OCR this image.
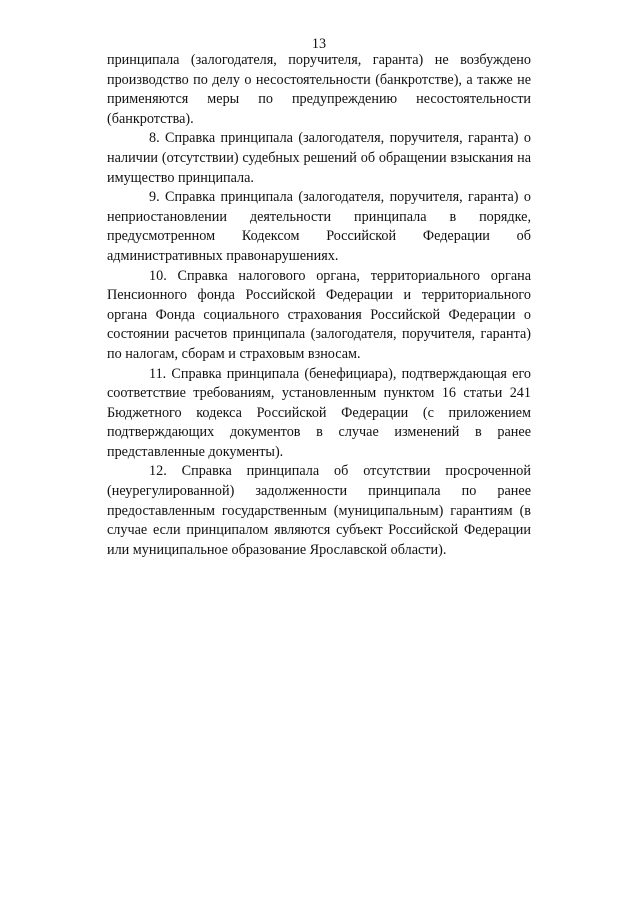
13

принципала (залогодателя, поручителя, гаранта) не возбуждено производство по делу о несостоятельности (банкротстве), а также не применяются меры по предупреждению несостоятельности (банкротства).

8. Справка принципала (залогодателя, поручителя, гаранта) о наличии (отсутствии) судебных решений об обращении взыскания на имущество принципала.

9. Справка принципала (залогодателя, поручителя, гаранта) о неприостановлении деятельности принципала в порядке, предусмотренном Кодексом Российской Федерации об административных правонарушениях.

10. Справка налогового органа, территориального органа Пенсионного фонда Российской Федерации и территориального органа Фонда социального страхования Российской Федерации о состоянии расчетов принципала (залогодателя, поручителя, гаранта) по налогам, сборам и страховым взносам.

11. Справка принципала (бенефициара), подтверждающая его соответствие требованиям, установленным пунктом 16 статьи 241 Бюджетного кодекса Российской Федерации (с приложением подтверждающих документов в случае изменений в ранее представленные документы).

12. Справка принципала об отсутствии просроченной (неурегулированной) задолженности принципала по ранее предоставленным государственным (муниципальным) гарантиям (в случае если принципалом являются субъект Российской Федерации или муниципальное образование Ярославской области).
